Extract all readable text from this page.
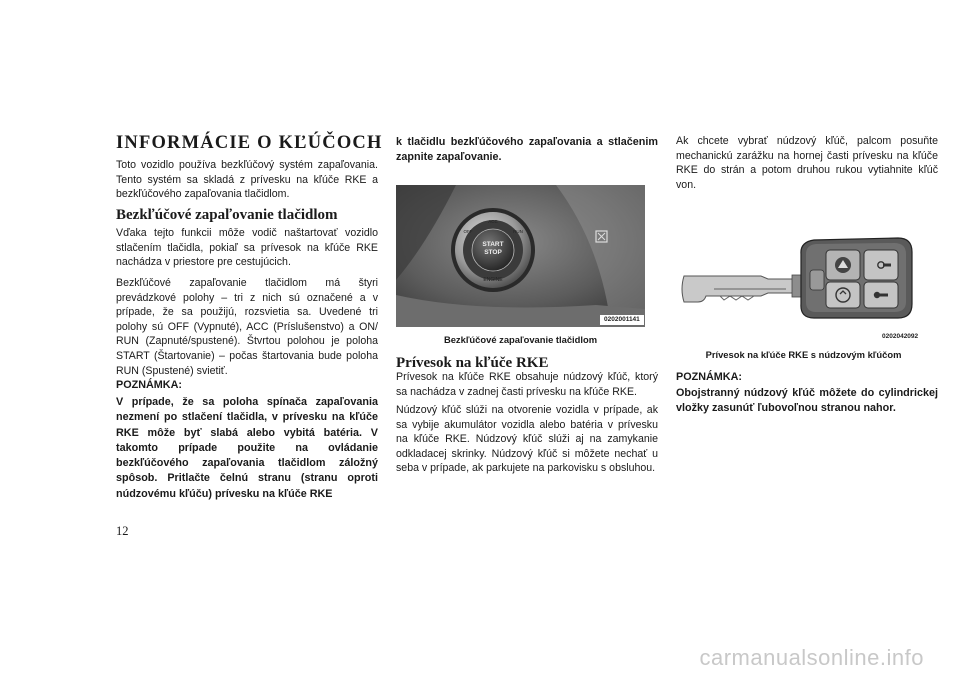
INFORMÁCIE O KĽÚČOCH

Toto vozidlo používa bezkľúčový systém zapaľovania. Tento systém sa skladá z prívesku na kľúče RKE a bezkľúčového zapaľovania tlačidlom.

Bezkľúčové zapaľovanie tlačidlom

Vďaka tejto funkcii môže vodič naštartovať vozidlo stlačením tlačidla, pokiaľ sa prívesok na kľúče RKE nachádza v priestore pre cestujúcich.

Bezkľúčové zapaľovanie tlačidlom má štyri prevádzkové polohy – tri z nich sú označené a v prípade, že sa použijú, rozsvietia sa. Uvedené tri polohy sú OFF (Vypnuté), ACC (Príslušenstvo) a ON/ RUN (Zapnuté/spustené). Štvrtou polohou je poloha START (Štartovanie) – počas štartovania bude poloha RUN (Spustené) svietiť.

POZNÁMKA:

V prípade, že sa poloha spínača zapaľovania nezmení po stlačení tlačidla, v prívesku na kľúče RKE môže byť slabá alebo vybitá batéria. V takomto prípade použite na ovládanie bezkľúčového zapaľovania tlačidlom záložný spôsob. Pritlačte čelnú stranu (stranu oproti núdzovému kľúču) prívesku na kľúče RKE

k tlačidlu bezkľúčového zapaľovania a stlačenim zapnite zapaľovanie.

START
STOP
ENGINE
ACC
OFF	RUN
0202001141

Bezkľúčové zapaľovanie tlačidlom

Prívesok na kľúče RKE

Prívesok na kľúče RKE obsahuje núdzový kľúč, ktorý sa nachádza v zadnej časti prívesku na kľúče RKE.

Núdzový kľúč slúži na otvorenie vozidla v prípade, ak sa vybije akumulátor vozidla alebo batéria v prívesku na kľúče RKE. Núdzový kľúč slúži aj na zamykanie odkladacej skrinky. Núdzový kľúč si môžete nechať u seba v prípade, ak parkujete na parkovisku s obsluhou.

Ak chcete vybrať núdzový kľúč, palcom posuňte mechanickú zarážku na hornej časti prívesku na kľúče RKE do strán a potom druhou rukou vytiahnite kľúč von.

0202042092

Prívesok na kľúče RKE s núdzovým kľúčom

POZNÁMKA:

Obojstranný núdzový kľúč môžete do cylindrickej vložky zasunúť ľubovoľnou stranou nahor.

12

carmanualsonline.info
